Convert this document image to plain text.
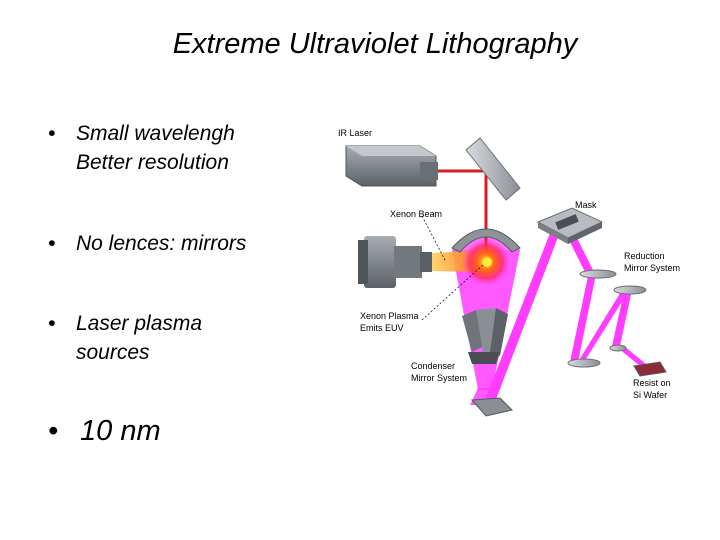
Extreme Ultraviolet Lithography
• Small wavelengh
Better resolution
• No lences: mirrors
• Laser plasma
sources
• 10 nm
IR Laser
Xenon Beam
Mask
Reduction
Mirror System
Xenon Plasma
Emits EUV
Condenser
Mirror System	Resist on
Si Wafer
